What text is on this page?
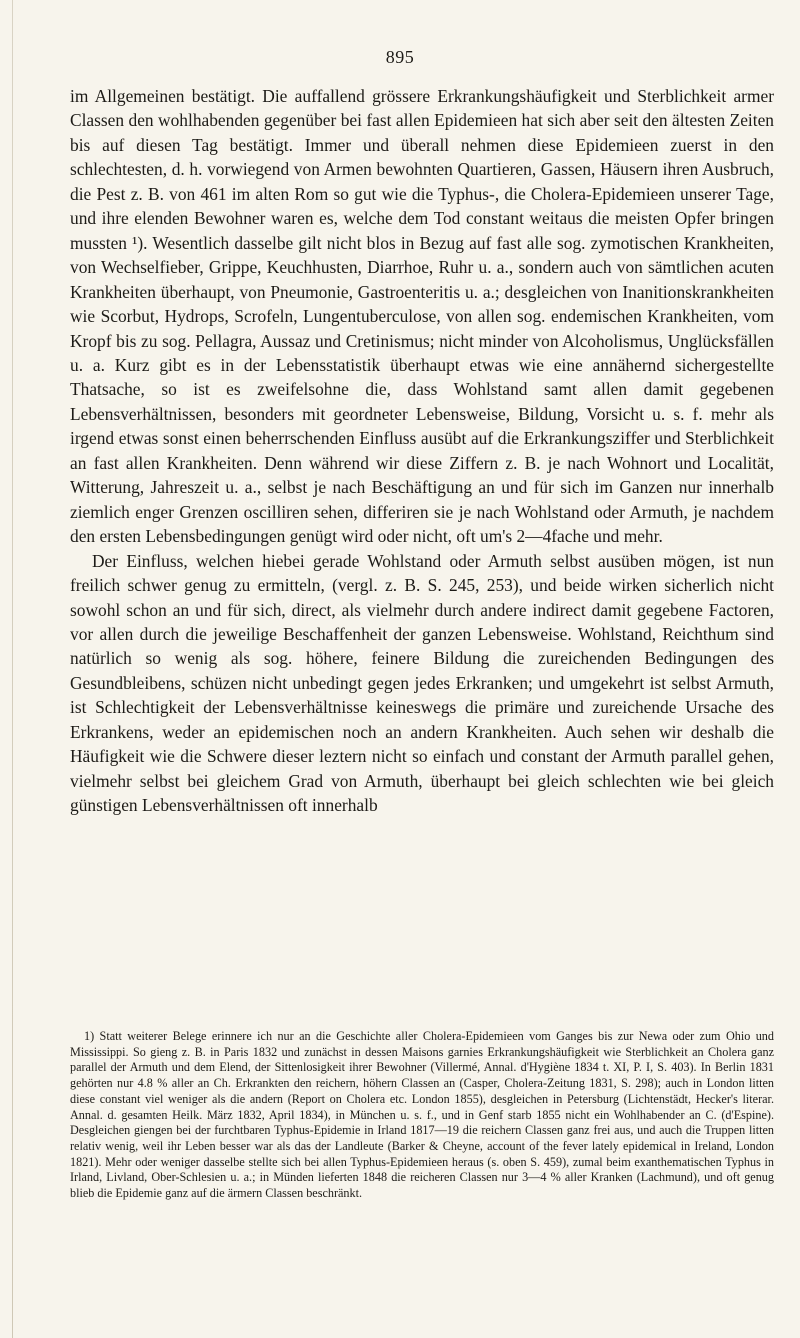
895

im Allgemeinen bestätigt. Die auffallend grössere Erkrankungshäufigkeit und Sterblichkeit armer Classen den wohlhabenden gegenüber bei fast allen Epidemieen hat sich aber seit den ältesten Zeiten bis auf diesen Tag bestätigt. Immer und überall nehmen diese Epidemieen zuerst in den schlechtesten, d. h. vorwiegend von Armen bewohnten Quartieren, Gassen, Häusern ihren Ausbruch, die Pest z. B. von 461 im alten Rom so gut wie die Typhus-, die Cholera-Epidemieen unserer Tage, und ihre elenden Bewohner waren es, welche dem Tod constant weitaus die meisten Opfer bringen mussten ¹). Wesentlich dasselbe gilt nicht blos in Bezug auf fast alle sog. zymotischen Krankheiten, von Wechselfieber, Grippe, Keuchhusten, Diarrhoe, Ruhr u. a., sondern auch von sämtlichen acuten Krankheiten überhaupt, von Pneumonie, Gastroenteritis u. a.; desgleichen von Inanitionskrankheiten wie Scorbut, Hydrops, Scrofeln, Lungentuberculose, von allen sog. endemischen Krankheiten, vom Kropf bis zu sog. Pellagra, Aussaz und Cretinismus; nicht minder von Alcoholismus, Unglücksfällen u. a. Kurz gibt es in der Lebensstatistik überhaupt etwas wie eine annähernd sichergestellte Thatsache, so ist es zweifelsohne die, dass Wohlstand samt allen damit gegebenen Lebensverhältnissen, besonders mit geordneter Lebensweise, Bildung, Vorsicht u. s. f. mehr als irgend etwas sonst einen beherrschenden Einfluss ausübt auf die Erkrankungsziffer und Sterblichkeit an fast allen Krankheiten. Denn während wir diese Ziffern z. B. je nach Wohnort und Localität, Witterung, Jahreszeit u. a., selbst je nach Beschäftigung an und für sich im Ganzen nur innerhalb ziemlich enger Grenzen oscilliren sehen, differiren sie je nach Wohlstand oder Armuth, je nachdem den ersten Lebensbedingungen genügt wird oder nicht, oft um's 2—4fache und mehr.

Der Einfluss, welchen hiebei gerade Wohlstand oder Armuth selbst ausüben mögen, ist nun freilich schwer genug zu ermitteln, (vergl. z. B. S. 245, 253), und beide wirken sicherlich nicht sowohl schon an und für sich, direct, als vielmehr durch andere indirect damit gegebene Factoren, vor allen durch die jeweilige Beschaffenheit der ganzen Lebensweise. Wohlstand, Reichthum sind natürlich so wenig als sog. höhere, feinere Bildung die zureichenden Bedingungen des Gesundbleibens, schüzen nicht unbedingt gegen jedes Erkranken; und umgekehrt ist selbst Armuth, ist Schlechtigkeit der Lebensverhältnisse keineswegs die primäre und zureichende Ursache des Erkrankens, weder an epidemischen noch an andern Krankheiten. Auch sehen wir deshalb die Häufigkeit wie die Schwere dieser leztern nicht so einfach und constant der Armuth parallel gehen, vielmehr selbst bei gleichem Grad von Armuth, überhaupt bei gleich schlechten wie bei gleich günstigen Lebensverhältnissen oft innerhalb

1) Statt weiterer Belege erinnere ich nur an die Geschichte aller Cholera-Epidemieen vom Ganges bis zur Newa oder zum Ohio und Mississippi. So gieng z. B. in Paris 1832 und zunächst in dessen Maisons garnies Erkrankungshäufigkeit wie Sterblichkeit an Cholera ganz parallel der Armuth und dem Elend, der Sittenlosigkeit ihrer Bewohner (Villermé, Annal. d'Hygiène 1834 t. XI, P. I, S. 403). In Berlin 1831 gehörten nur 4.8 % aller an Ch. Erkrankten den reichern, höhern Classen an (Casper, Cholera-Zeitung 1831, S. 298); auch in London litten diese constant viel weniger als die andern (Report on Cholera etc. London 1855), desgleichen in Petersburg (Lichtenstädt, Hecker's literar. Annal. d. gesamten Heilk. März 1832, April 1834), in München u. s. f., und in Genf starb 1855 nicht ein Wohlhabender an C. (d'Espine). Desgleichen giengen bei der furchtbaren Typhus-Epidemie in Irland 1817—19 die reichern Classen ganz frei aus, und auch die Truppen litten relativ wenig, weil ihr Leben besser war als das der Landleute (Barker & Cheyne, account of the fever lately epidemical in Ireland, London 1821). Mehr oder weniger dasselbe stellte sich bei allen Typhus-Epidemieen heraus (s. oben S. 459), zumal beim exanthematischen Typhus in Irland, Livland, Ober-Schlesien u. a.; in Münden lieferten 1848 die reicheren Classen nur 3—4 % aller Kranken (Lachmund), und oft genug blieb die Epidemie ganz auf die ärmern Classen beschränkt.
